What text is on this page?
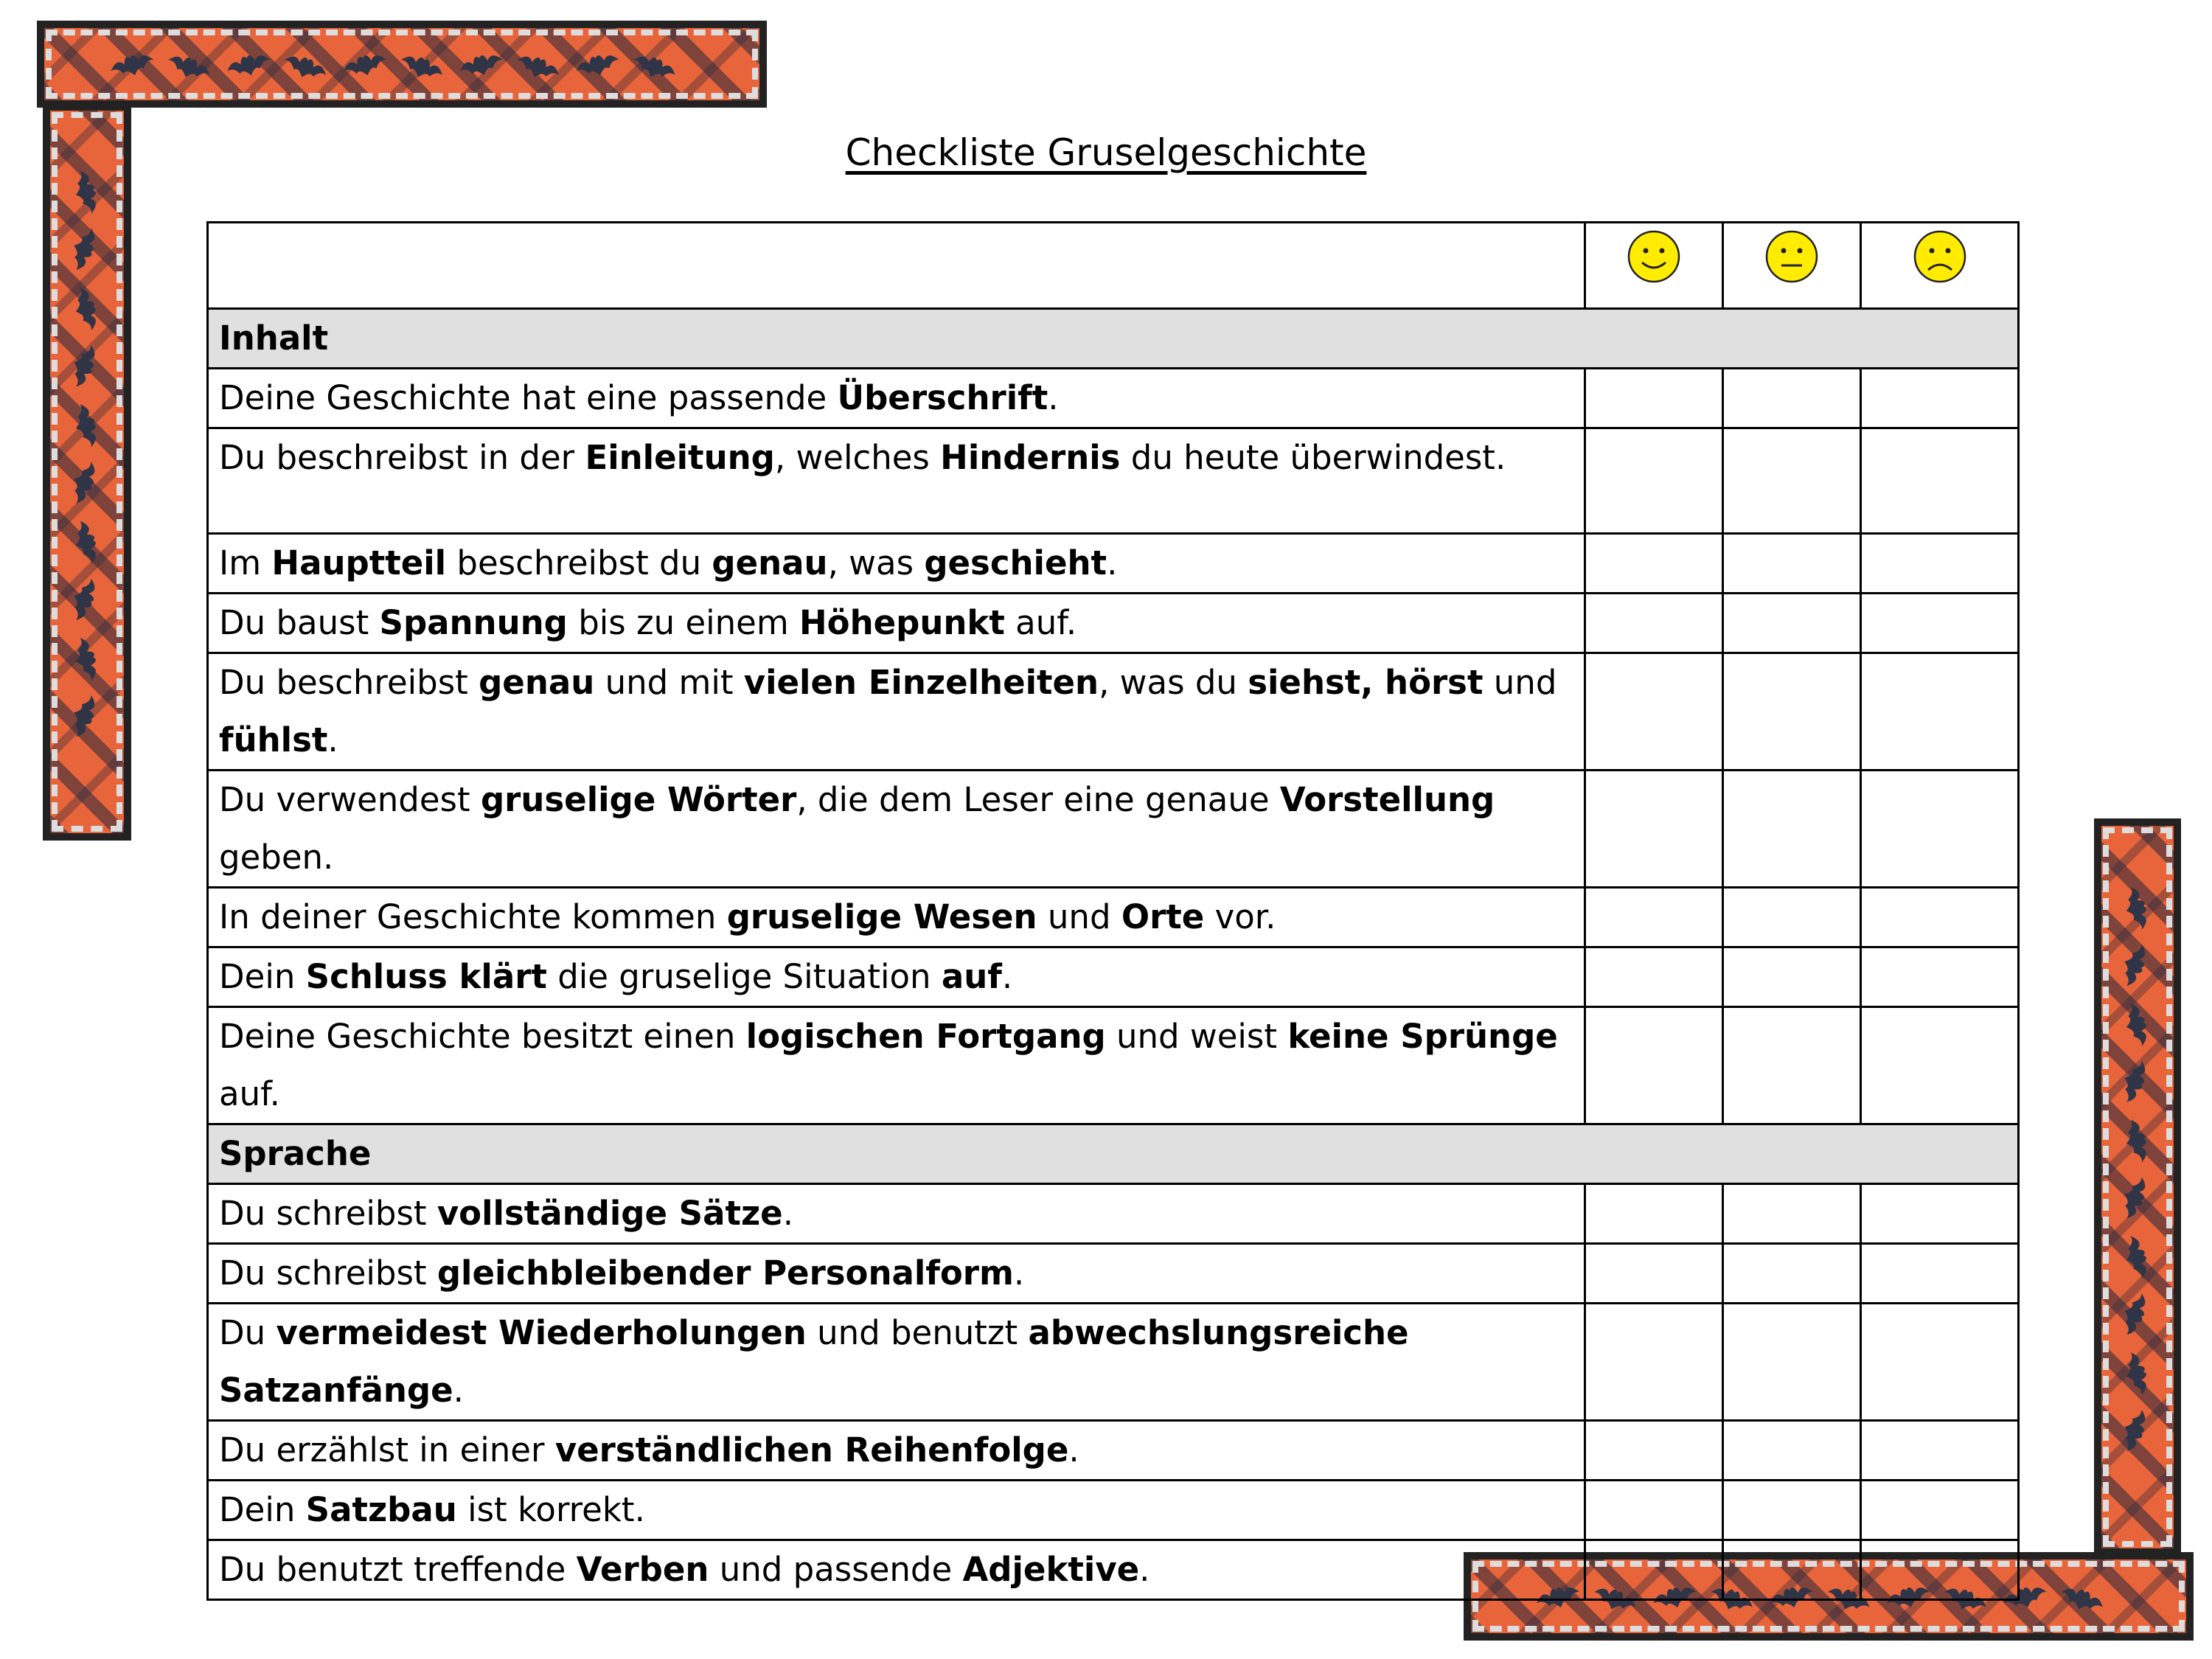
Checkliste Gruselgeschichte

Inhalt			
Deine Geschichte hat eine passende Überschrift.			
Du beschreibst in der Einleitung, welches Hindernis du heute überwindest.			
Im Hauptteil beschreibst du genau, was geschieht.			
Du baust Spannung bis zu einem Höhepunkt auf.			
Du beschreibst genau und mit vielen Einzelheiten, was du siehst, hörst und fühlst.			
Du verwendest gruselige Wörter, die dem Leser eine genaue Vorstellung geben.			
In deiner Geschichte kommen gruselige Wesen und Orte vor.			
Dein Schluss klärt die gruselige Situation auf.			
Deine Geschichte besitzt einen logischen Fortgang und weist keine Sprünge auf.			
Sprache			
Du schreibst vollständige Sätze.			
Du schreibst gleichbleibender Personalform.			
Du vermeidest Wiederholungen und benutzt abwechslungsreiche Satzanfänge.			
Du erzählst in einer verständlichen Reihenfolge.			
Dein Satzbau ist korrekt.			
Du benutzt treffende Verben und passende Adjektive.			
